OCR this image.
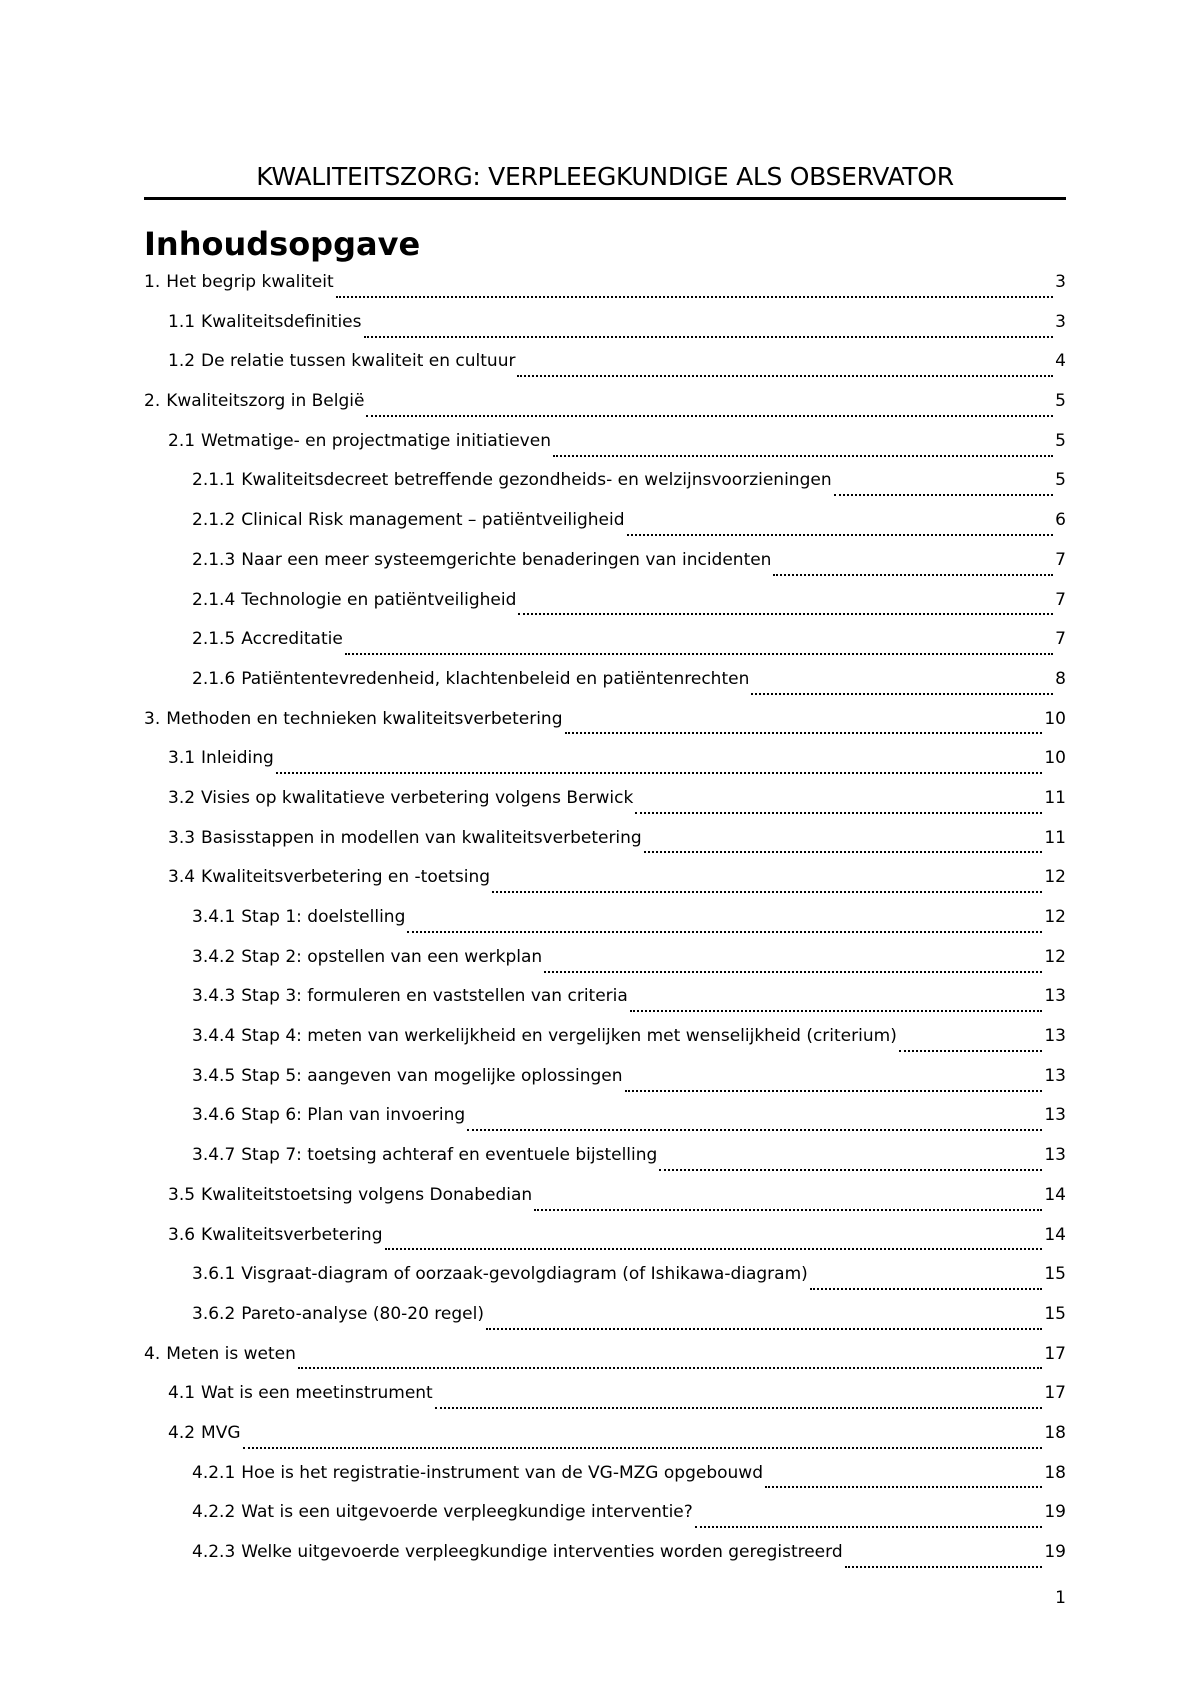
KWALITEITSZORG: VERPLEEGKUNDIGE ALS OBSERVATOR
Inhoudsopgave
1. Het begrip kwaliteit	3
1.1 Kwaliteitsdefinities	3
1.2 De relatie tussen kwaliteit en cultuur	4
2. Kwaliteitszorg in België	5
2.1 Wetmatige- en projectmatige initiatieven	5
2.1.1 Kwaliteitsdecreet betreffende gezondheids- en welzijnsvoorzieningen	5
2.1.2 Clinical Risk management – patiëntveiligheid	6
2.1.3 Naar een meer systeemgerichte benaderingen van incidenten	7
2.1.4 Technologie en patiëntveiligheid	7
2.1.5 Accreditatie	7
2.1.6 Patiëntentevredenheid, klachtenbeleid en patiëntenrechten	8
3. Methoden en technieken kwaliteitsverbetering	10
3.1 Inleiding	10
3.2 Visies op kwalitatieve verbetering volgens Berwick	11
3.3 Basisstappen in modellen van kwaliteitsverbetering	11
3.4 Kwaliteitsverbetering en -toetsing	12
3.4.1 Stap 1: doelstelling	12
3.4.2 Stap 2: opstellen van een werkplan	12
3.4.3 Stap 3: formuleren en vaststellen van criteria	13
3.4.4 Stap 4: meten van werkelijkheid en vergelijken met wenselijkheid (criterium)	13
3.4.5 Stap 5: aangeven van mogelijke oplossingen	13
3.4.6 Stap 6: Plan van invoering	13
3.4.7 Stap 7: toetsing achteraf en eventuele bijstelling	13
3.5 Kwaliteitstoetsing volgens Donabedian	14
3.6 Kwaliteitsverbetering	14
3.6.1 Visgraat-diagram of oorzaak-gevolgdiagram (of Ishikawa-diagram)	15
3.6.2 Pareto-analyse (80-20 regel)	15
4. Meten is weten	17
4.1 Wat is een meetinstrument	17
4.2 MVG	18
4.2.1 Hoe is het registratie-instrument van de VG-MZG opgebouwd	18
4.2.2 Wat is een uitgevoerde verpleegkundige interventie?	19
4.2.3 Welke uitgevoerde verpleegkundige interventies worden geregistreerd	19
1
